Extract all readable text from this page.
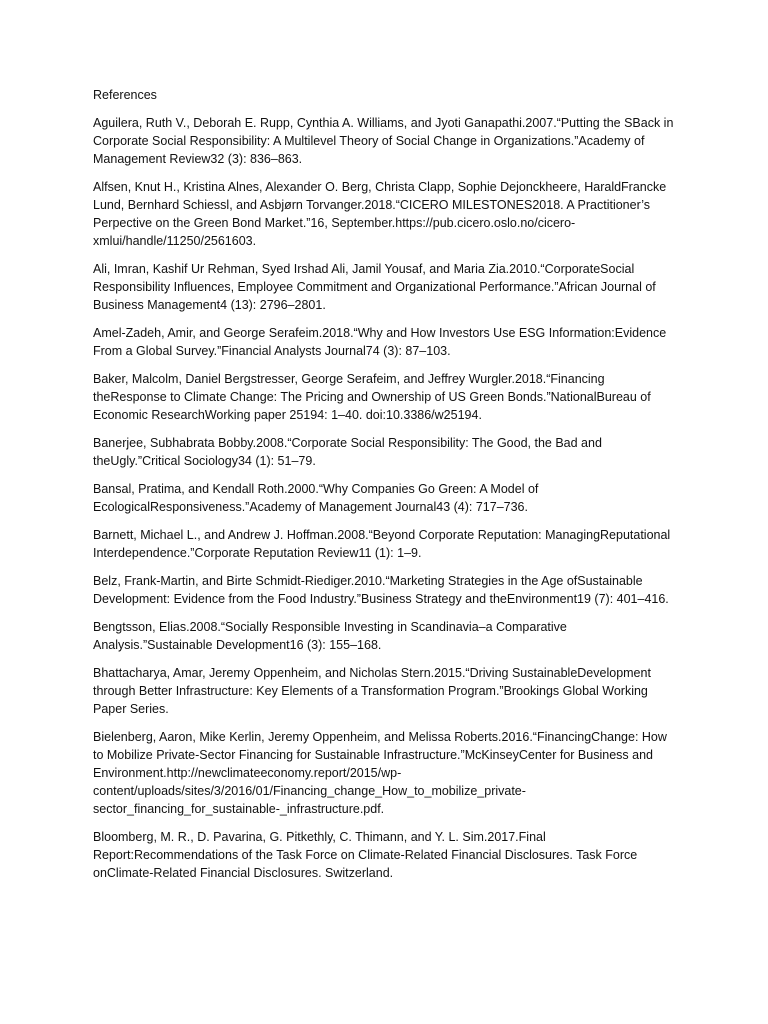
References
Aguilera, Ruth V., Deborah E. Rupp, Cynthia A. Williams, and Jyoti Ganapathi.2007.“Putting the SBack in Corporate Social Responsibility: A Multilevel Theory of Social Change in Organizations.”Academy of Management Review32 (3): 836–863.
Alfsen, Knut H., Kristina Alnes, Alexander O. Berg, Christa Clapp, Sophie Dejonckheere, HaraldFrancke Lund, Bernhard Schiessl, and Asbjørn Torvanger.2018.“CICERO MILESTONES2018. A Practitioner’s Perpective on the Green Bond Market.”16, September.https://pub.cicero.oslo.no/cicero-xmlui/handle/11250/2561603.
Ali, Imran, Kashif Ur Rehman, Syed Irshad Ali, Jamil Yousaf, and Maria Zia.2010.“CorporateSocial Responsibility Influences, Employee Commitment and Organizational Performance.”African Journal of Business Management4 (13): 2796–2801.
Amel-Zadeh, Amir, and George Serafeim.2018.“Why and How Investors Use ESG Information:Evidence From a Global Survey.”Financial Analysts Journal74 (3): 87–103.
Baker, Malcolm, Daniel Bergstresser, George Serafeim, and Jeffrey Wurgler.2018.“Financing theResponse to Climate Change: The Pricing and Ownership of US Green Bonds.”NationalBureau of Economic ResearchWorking paper 25194: 1–40. doi:10.3386/w25194.
Banerjee, Subhabrata Bobby.2008.“Corporate Social Responsibility: The Good, the Bad and theUgly.”Critical Sociology34 (1): 51–79.
Bansal, Pratima, and Kendall Roth.2000.“Why Companies Go Green: A Model of EcologicalResponsiveness.”Academy of Management Journal43 (4): 717–736.
Barnett, Michael L., and Andrew J. Hoffman.2008.“Beyond Corporate Reputation: ManagingReputational Interdependence.”Corporate Reputation Review11 (1): 1–9.
Belz, Frank-Martin, and Birte Schmidt-Riediger.2010.“Marketing Strategies in the Age ofSustainable Development: Evidence from the Food Industry.”Business Strategy and theEnvironment19 (7): 401–416.
Bengtsson, Elias.2008.“Socially Responsible Investing in Scandinavia–a Comparative Analysis.”Sustainable Development16 (3): 155–168.
Bhattacharya, Amar, Jeremy Oppenheim, and Nicholas Stern.2015.“Driving SustainableDevelopment through Better Infrastructure: Key Elements of a Transformation Program.”Brookings Global Working Paper Series.
Bielenberg, Aaron, Mike Kerlin, Jeremy Oppenheim, and Melissa Roberts.2016.“FinancingChange: How to Mobilize Private-Sector Financing for Sustainable Infrastructure.”McKinseyCenter for Business and Environment.http://newclimateeconomy.report/2015/wp-content/uploads/sites/3/2016/01/Financing_change_How_to_mobilize_private-sector_financing_for_sustainable-_infrastructure.pdf.
Bloomberg, M. R., D. Pavarina, G. Pitkethly, C. Thimann, and Y. L. Sim.2017.Final Report:Recommendations of the Task Force on Climate-Related Financial Disclosures. Task Force onClimate-Related Financial Disclosures. Switzerland.
